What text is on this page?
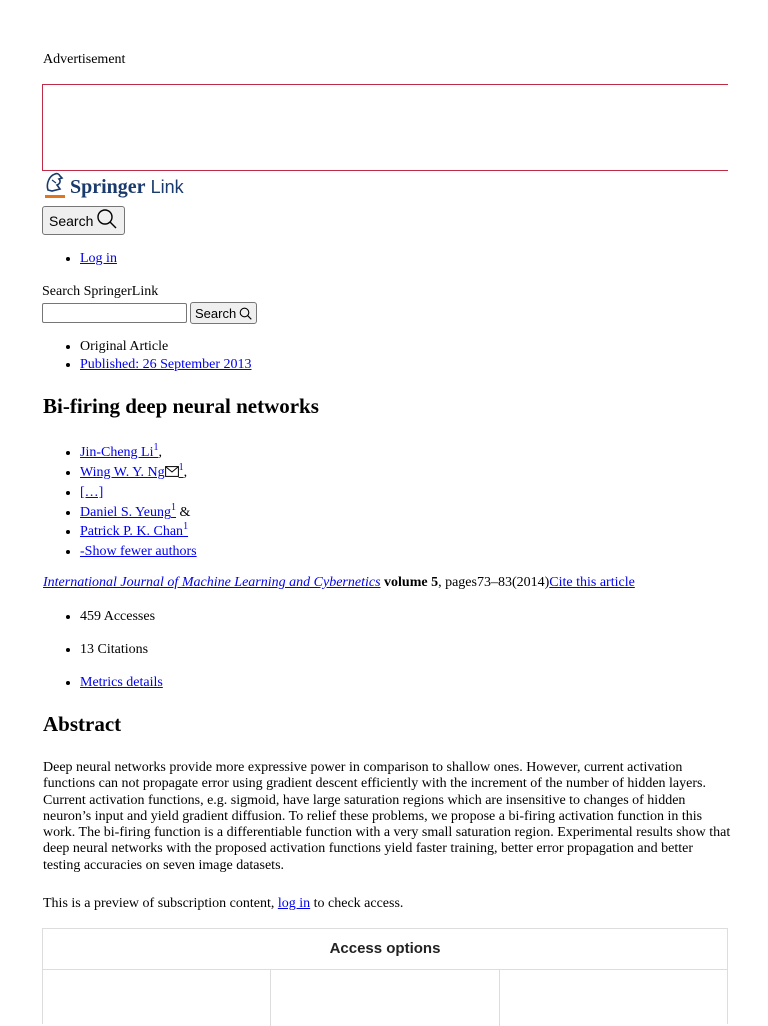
Advertisement
Springer Link
Search
• Log in
Search SpringerLink
Search
• Original Article
• Published: 26 September 2013
Bi-firing deep neural networks
• Jin-Cheng Li$^1$,
• Wing W. Y. Ng $^1$,
• […]
• Daniel S. Yeung$^1$ &
• Patrick P. K. Chan$^1$
• -Show fewer authors
International Journal of Machine Learning and Cybernetics volume 5, pages73–83(2014)Cite this article
• 459 Accesses
• 13 Citations
• Metrics details
Abstract

Deep neural networks provide more expressive power in comparison to shallow ones. However, current activation functions can not propagate error using gradient descent efficiently with the increment of the number of hidden layers. Current activation functions, e.g. sigmoid, have large saturation regions which are insensitive to changes of hidden neuron’s input and yield gradient diffusion. To relief these problems, we propose a bi-firing activation function in this work. The bi-firing function is a differentiable function with a very small saturation region. Experimental results show that deep neural networks with the proposed activation functions yield faster training, better error propagation and better testing accuracies on seven image datasets.

This is a preview of subscription content, log in to check access.
Access options
